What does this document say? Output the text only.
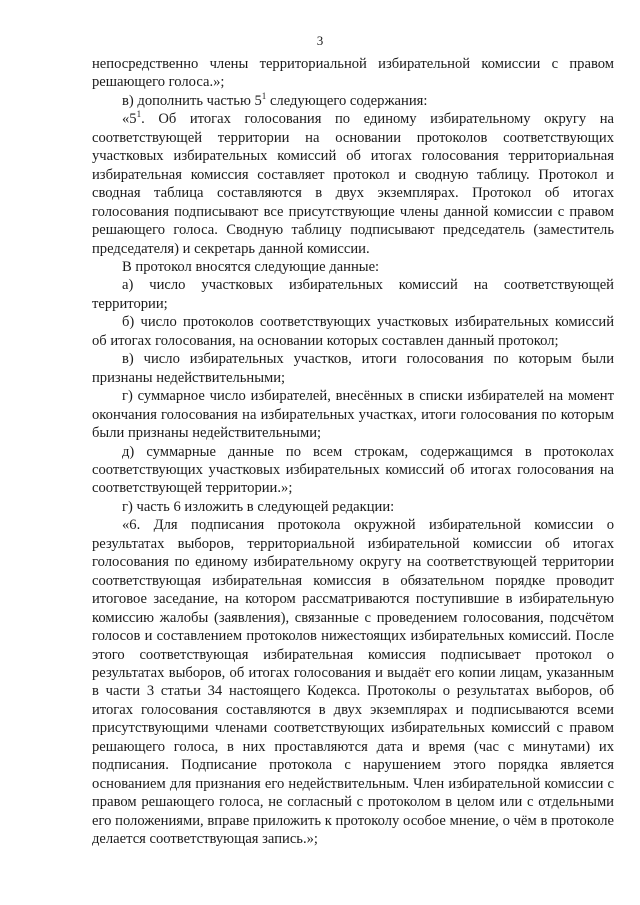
3

непосредственно члены территориальной избирательной комиссии с правом решающего голоса.»;

в) дополнить частью $5^1$ следующего содержания:

«$5^1$. Об итогах голосования по единому избирательному округу на соответствующей территории на основании протоколов соответствующих участковых избирательных комиссий об итогах голосования территориальная избирательная комиссия составляет протокол и сводную таблицу. Протокол и сводная таблица составляются в двух экземплярах. Протокол об итогах голосования подписывают все присутствующие члены данной комиссии с правом решающего голоса. Сводную таблицу подписывают председатель (заместитель председателя) и секретарь данной комиссии.

В протокол вносятся следующие данные:

а) число участковых избирательных комиссий на соответствующей территории;

б) число протоколов соответствующих участковых избирательных комиссий об итогах голосования, на основании которых составлен данный протокол;

в) число избирательных участков, итоги голосования по которым были признаны недействительными;

г) суммарное число избирателей, внесённых в списки избирателей на момент окончания голосования на избирательных участках, итоги голосования по которым были признаны недействительными;

д) суммарные данные по всем строкам, содержащимся в протоколах соответствующих участковых избирательных комиссий об итогах голосования на соответствующей территории.»;

г) часть 6 изложить в следующей редакции:

«6. Для подписания протокола окружной избирательной комиссии о результатах выборов, территориальной избирательной комиссии об итогах голосования по единому избирательному округу на соответствующей территории соответствующая избирательная комиссия в обязательном порядке проводит итоговое заседание, на котором рассматриваются поступившие в избирательную комиссию жалобы (заявления), связанные с проведением голосования, подсчётом голосов и составлением протоколов нижестоящих избирательных комиссий. После этого соответствующая избирательная комиссия подписывает протокол о результатах выборов, об итогах голосования и выдаёт его копии лицам, указанным в части 3 статьи 34 настоящего Кодекса. Протоколы о результатах выборов, об итогах голосования составляются в двух экземплярах и подписываются всеми присутствующими членами соответствующих избирательных комиссий с правом решающего голоса, в них проставляются дата и время (час с минутами) их подписания. Подписание протокола с нарушением этого порядка является основанием для признания его недействительным. Член избирательной комиссии с правом решающего голоса, не согласный с протоколом в целом или с отдельными его положениями, вправе приложить к протоколу особое мнение, о чём в протоколе делается соответствующая запись.»;
